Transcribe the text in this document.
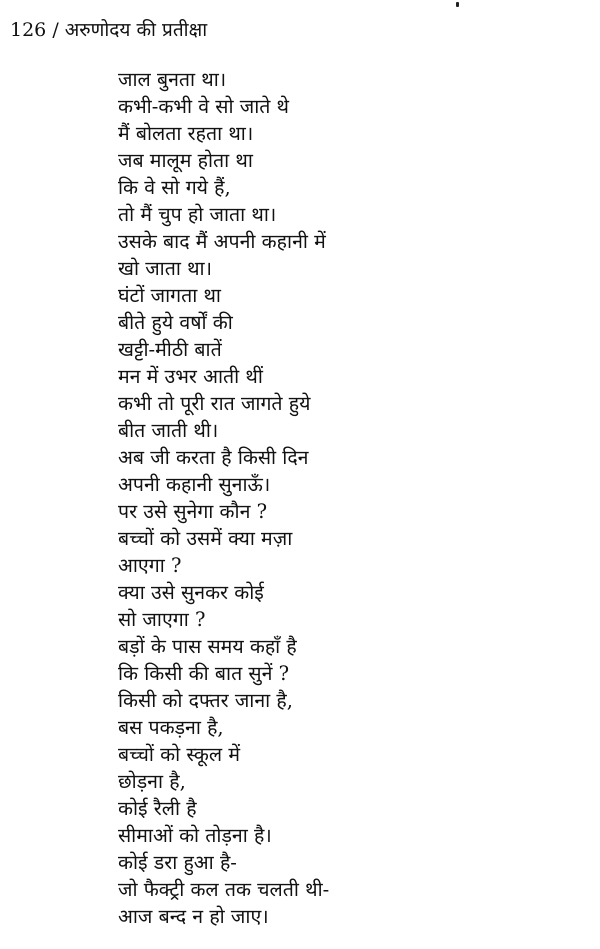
126 / अरुणोदय की प्रतीक्षा
जाल बुनता था।
कभी-कभी वे सो जाते थे
मैं बोलता रहता था।
जब मालूम होता था
कि वे सो गये हैं,
तो मैं चुप हो जाता था।
उसके बाद मैं अपनी कहानी में
खो जाता था।
घंटों जागता था
बीते हुये वर्षों की
खट्टी-मीठी बातें
मन में उभर आती थीं
कभी तो पूरी रात जागते हुये
बीत जाती थी।
अब जी करता है किसी दिन
अपनी कहानी सुनाऊँ।
पर उसे सुनेगा कौन ?
बच्चों को उसमें क्या मज़ा
आएगा ?
क्या उसे सुनकर कोई
सो जाएगा ?
बड़ों के पास समय कहाँ है
कि किसी की बात सुनें ?
किसी को दफ्तर जाना है,
बस पकड़ना है,
बच्चों को स्कूल में
छोड़ना है,
कोई रैली है
सीमाओं को तोड़ना है।
कोई डरा हुआ है-
जो फैक्ट्री कल तक चलती थी-
आज बन्द न हो जाए।
